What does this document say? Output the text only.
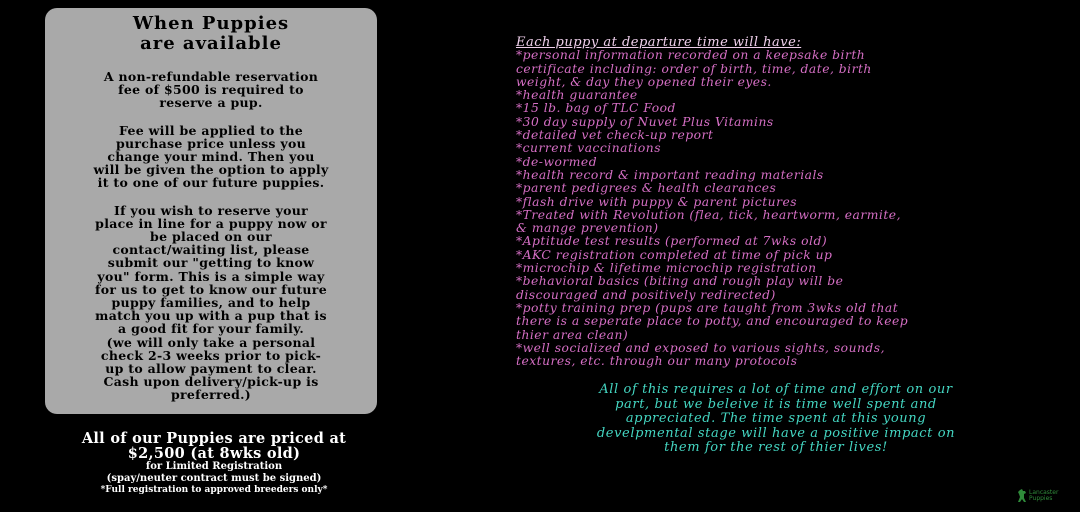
When Puppies
are available

A non-refundable reservation
fee of $500 is required to
reserve a pup.

Fee will be applied to the
purchase price unless you
change your mind. Then you
will be given the option to apply
it to one of our future puppies.

If you wish to reserve your
place in line for a puppy now or
be placed on our
contact/waiting list, please
submit our "getting to know
you" form. This is a simple way
for us to get to know our future
puppy families, and to help
match you up with a pup that is
a good fit for your family.

(we will only take a personal
check 2-3 weeks prior to pick-
up to allow payment to clear.
Cash upon delivery/pick-up is
preferred.)

All of our Puppies are priced at

$2,500 (at 8wks old)

for Limited Registration

(spay/neuter contract must be signed)

*Full registration to approved breeders only*

Each puppy at departure time will have:

*personal information recorded on a keepsake birth
certificate including: order of birth, time, date, birth
weight, & day they opened their eyes.
*health guarantee
*15 lb. bag of TLC Food
*30 day supply of Nuvet Plus Vitamins
*detailed vet check-up report
*current vaccinations
*de-wormed
*health record & important reading materials
*parent pedigrees & health clearances
*flash drive with puppy & parent pictures
*Treated with Revolution (flea, tick, heartworm, earmite,
& mange prevention)
*Aptitude test results (performed at 7wks old)
*AKC registration completed at time of pick up
*microchip & lifetime microchip registration
*behavioral basics (biting and rough play will be
discouraged and positively redirected)
*potty training prep (pups are taught from 3wks old that
there is a seperate place to potty, and encouraged to keep
thier area clean)
*well socialized and exposed to various sights, sounds,
textures, etc. through our many protocols
All of this requires a lot of time and effort on our
part, but we beleive it is time well spent and
appreciated. The time spent at this young
develpmental stage will have a positive impact on
them for the rest of thier lives!
Lancaster
Puppies
